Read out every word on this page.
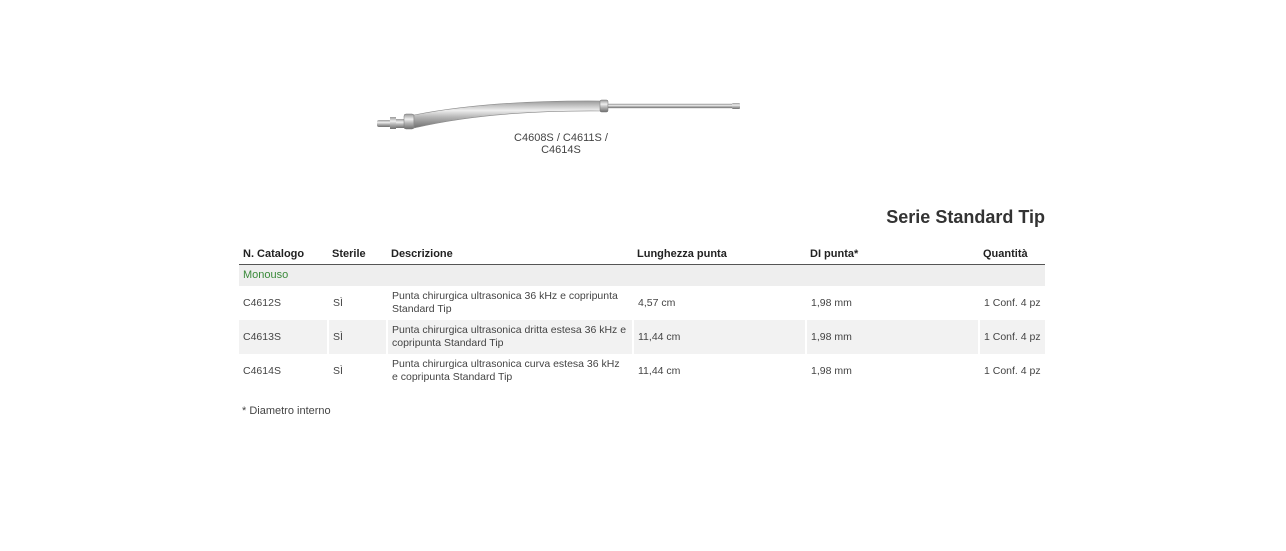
C4608S / C4611S / C4614S
Serie Standard Tip
N. Catalogo	Sterile	Descrizione	Lunghezza punta	DI punta*	Quantità
Monouso					
C4612S	SÌ	Punta chirurgica ultrasonica 36 kHz e copripunta Standard Tip	4,57 cm	1,98 mm	1 Conf. 4 pz
C4613S	SÌ	Punta chirurgica ultrasonica dritta estesa 36 kHz e copripunta Standard Tip	11,44 cm	1,98 mm	1 Conf. 4 pz
C4614S	SÌ	Punta chirurgica ultrasonica curva estesa 36 kHz e copripunta Standard Tip	11,44 cm	1,98 mm	1 Conf. 4 pz
* Diametro interno
